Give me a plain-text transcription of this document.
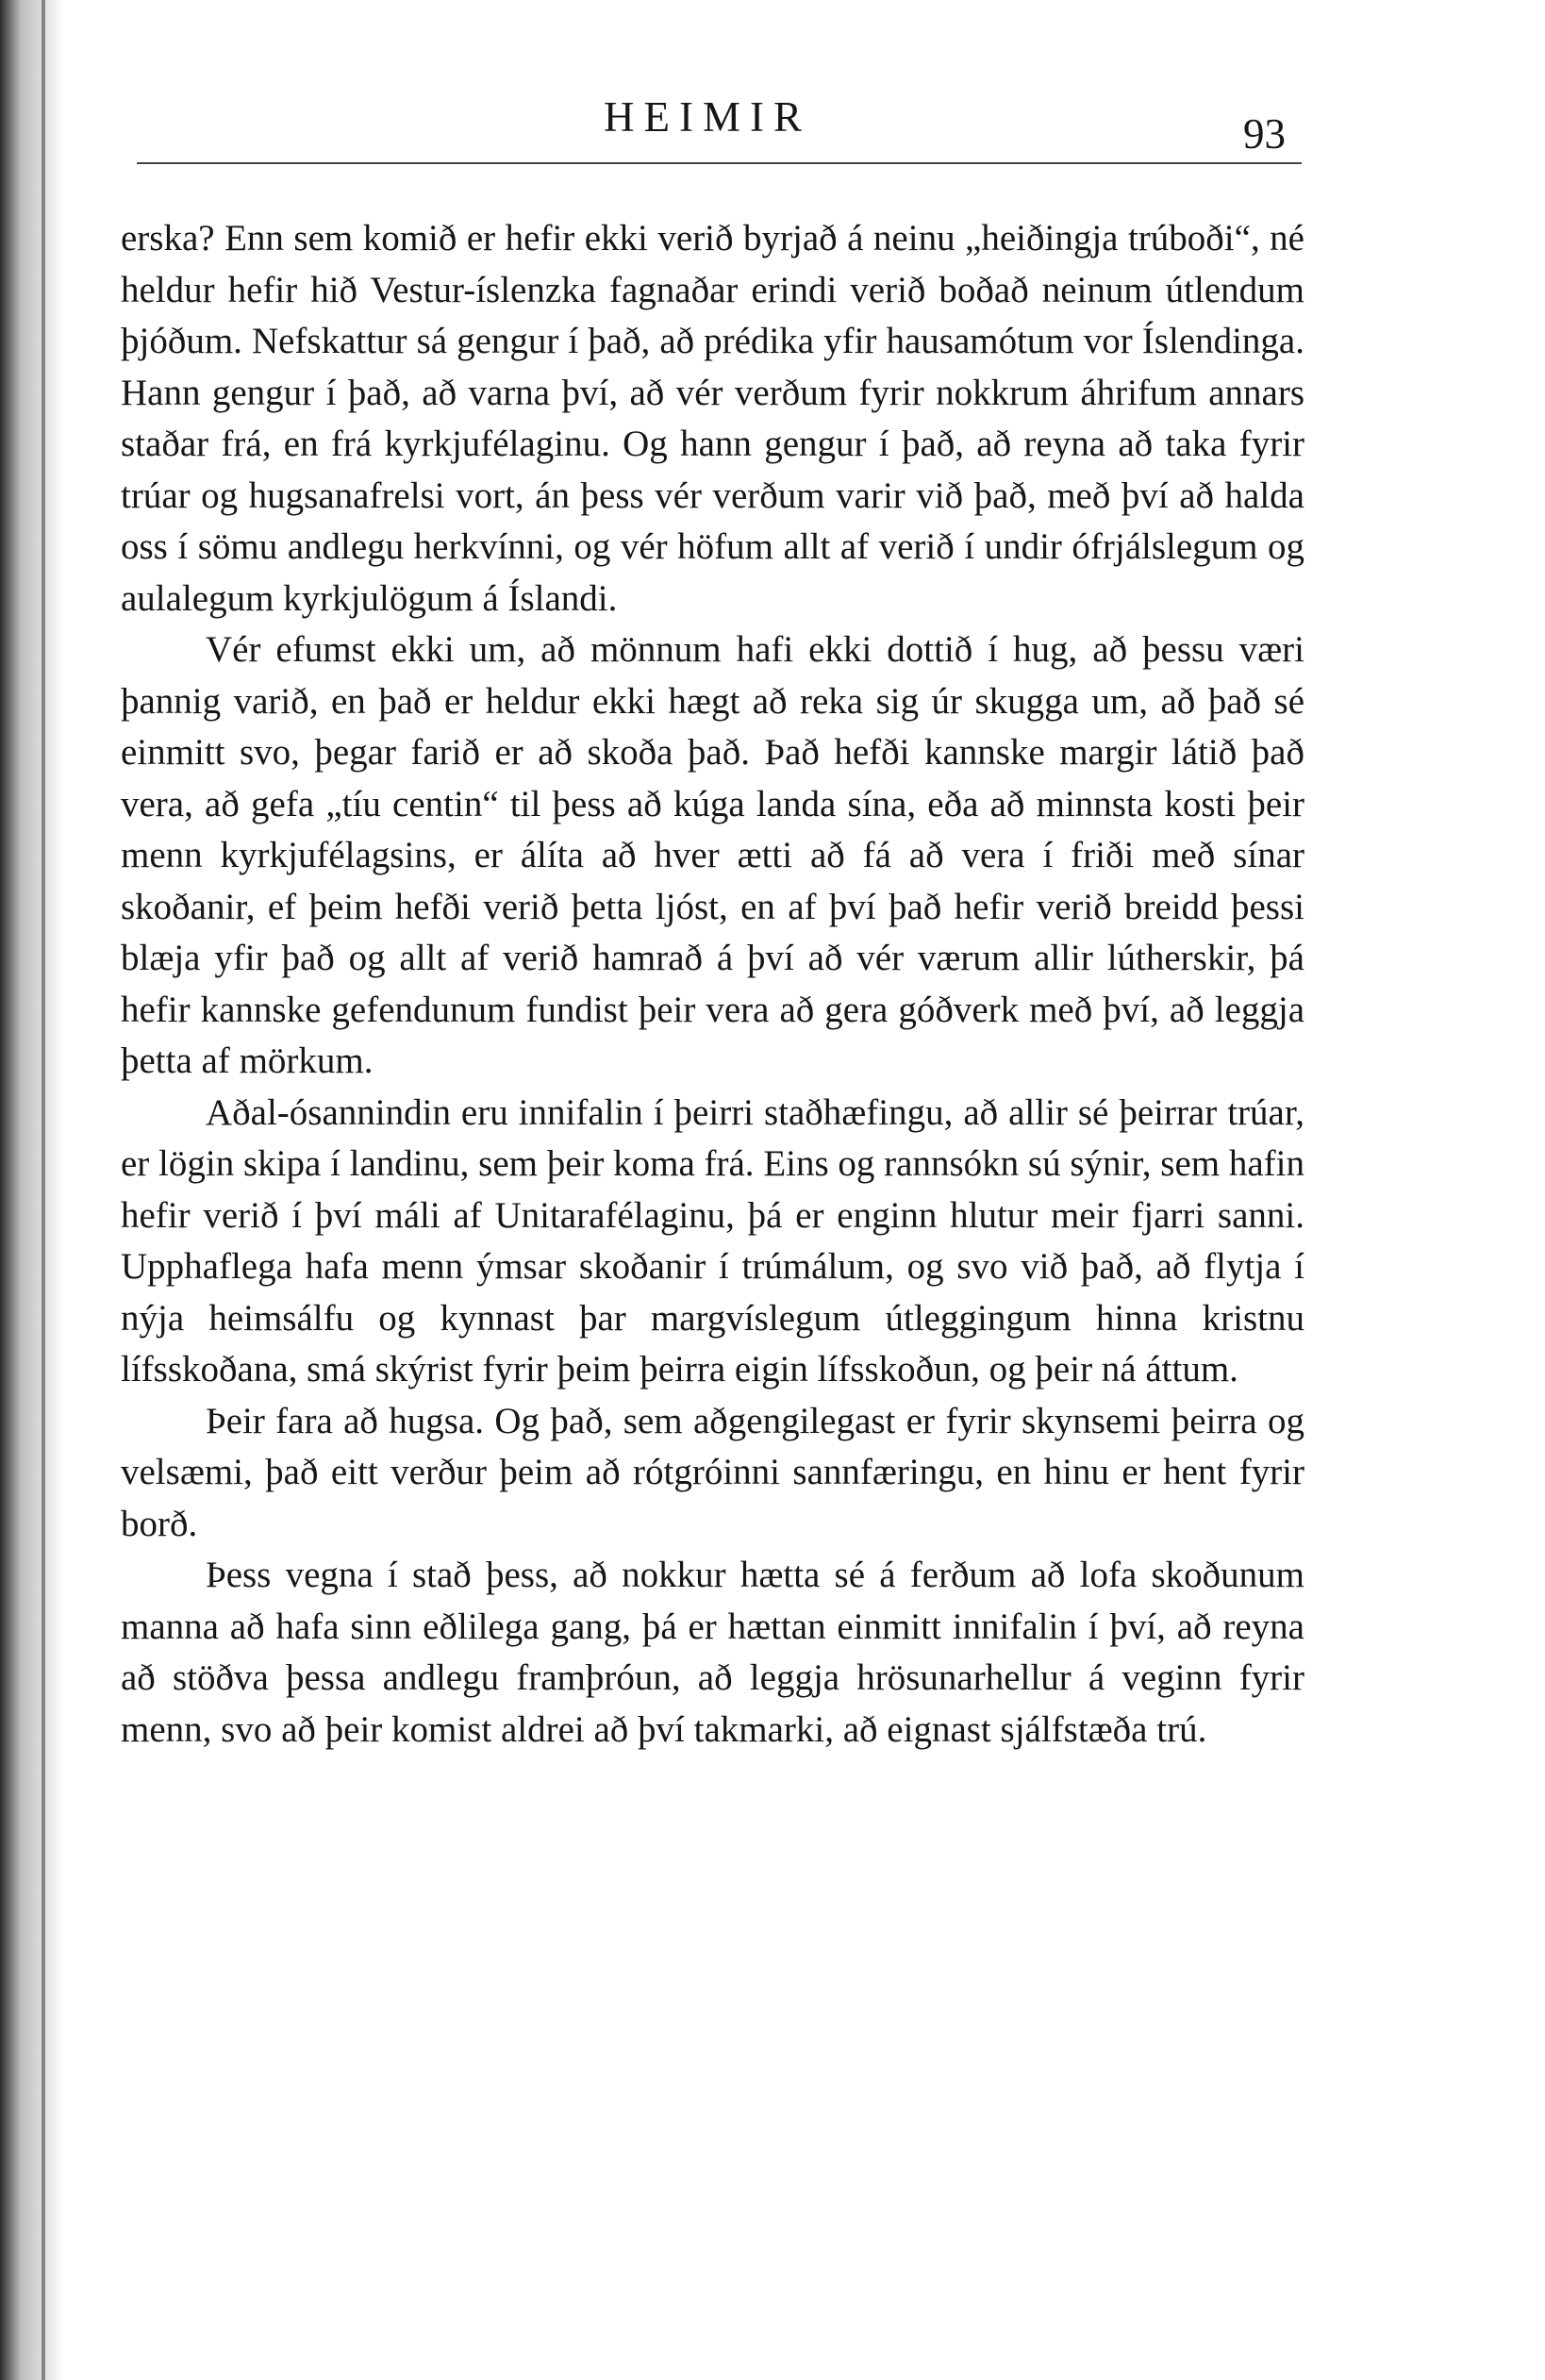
HEIMIR	93

erska? Enn sem komið er hefir ekki verið byrjað á neinu „heiðingja trúboði“, né heldur hefir hið Vestur-íslenzka fagnaðar erindi verið boðað neinum útlendum þjóðum. Nefskattur sá gengur í það, að prédika yfir hausamótum vor Íslendinga. Hann gengur í það, að varna því, að vér verðum fyrir nokkrum áhrifum annars staðar frá, en frá kyrkjufélaginu. Og hann gengur í það, að reyna að taka fyrir trúar og hugsanafrelsi vort, án þess vér verðum varir við það, með því að halda oss í sömu andlegu herkvínni, og vér höfum allt af verið í undir ófrjálslegum og aulalegum kyrkjulögum á Íslandi.

Vér efumst ekki um, að mönnum hafi ekki dottið í hug, að þessu væri þannig varið, en það er heldur ekki hægt að reka sig úr skugga um, að það sé einmitt svo, þegar farið er að skoða það. Það hefði kannske margir látið það vera, að gefa „tíu centin“ til þess að kúga landa sína, eða að minnsta kosti þeir menn kyrkjufélagsins, er álíta að hver ætti að fá að vera í friði með sínar skoðanir, ef þeim hefði verið þetta ljóst, en af því það hefir verið breidd þessi blæja yfir það og allt af verið hamrað á því að vér værum allir lútherskir, þá hefir kannske gefendunum fundist þeir vera að gera góðverk með því, að leggja þetta af mörkum.

Aðal-ósannindin eru innifalin í þeirri staðhæfingu, að allir sé þeirrar trúar, er lögin skipa í landinu, sem þeir koma frá. Eins og rannsókn sú sýnir, sem hafin hefir verið í því máli af Unitarafélaginu, þá er enginn hlutur meir fjarri sanni. Upphaflega hafa menn ýmsar skoðanir í trúmálum, og svo við það, að flytja í nýja heimsálfu og kynnast þar margvíslegum útleggingum hinna kristnu lífsskoðana, smá skýrist fyrir þeim þeirra eigin lífsskoðun, og þeir ná áttum.

Þeir fara að hugsa. Og það, sem aðgengilegast er fyrir skynsemi þeirra og velsæmi, það eitt verður þeim að rótgróinni sannfæringu, en hinu er hent fyrir borð.

Þess vegna í stað þess, að nokkur hætta sé á ferðum að lofa skoðunum manna að hafa sinn eðlilega gang, þá er hættan einmitt innifalin í því, að reyna að stöðva þessa andlegu framþróun, að leggja hrösunarhellur á veginn fyrir menn, svo að þeir komist aldrei að því takmarki, að eignast sjálfstæða trú.
